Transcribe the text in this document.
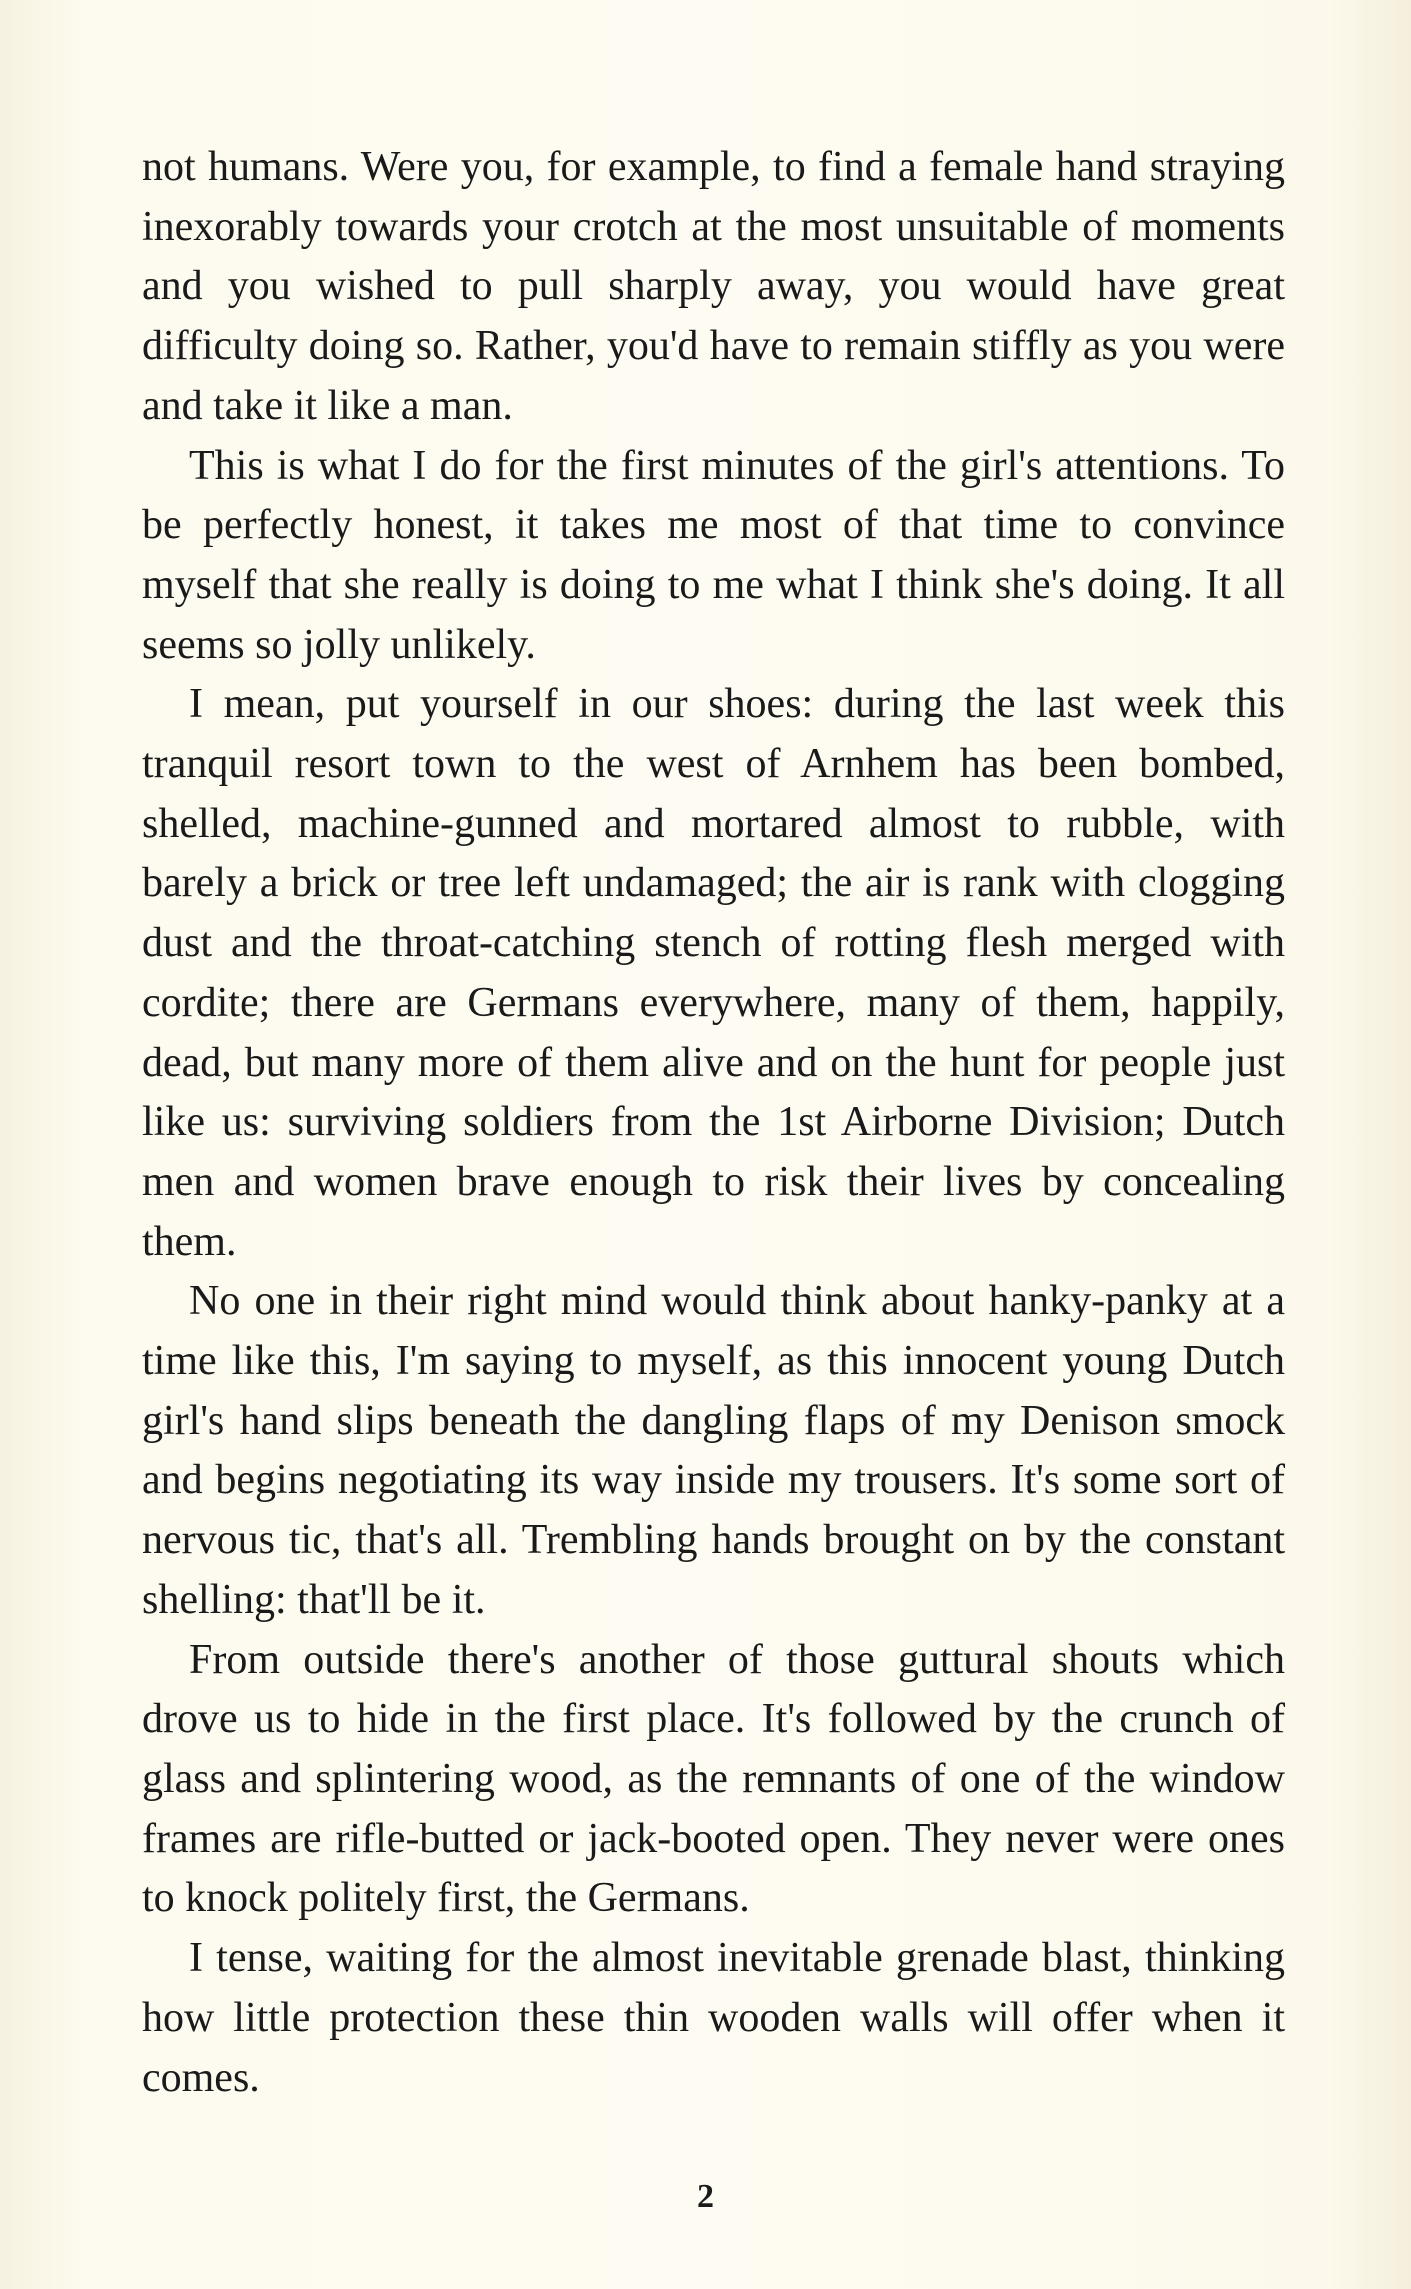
not humans. Were you, for example, to find a female hand straying inexorably towards your crotch at the most unsuitable of moments and you wished to pull sharply away, you would have great difficulty doing so. Rather, you'd have to remain stiffly as you were and take it like a man.

This is what I do for the first minutes of the girl's attentions. To be perfectly honest, it takes me most of that time to convince myself that she really is doing to me what I think she's doing. It all seems so jolly unlikely.

I mean, put yourself in our shoes: during the last week this tranquil resort town to the west of Arnhem has been bombed, shelled, machine-gunned and mortared almost to rubble, with barely a brick or tree left undamaged; the air is rank with clogging dust and the throat-catching stench of rotting flesh merged with cordite; there are Germans everywhere, many of them, happily, dead, but many more of them alive and on the hunt for people just like us: surviving soldiers from the 1st Airborne Division; Dutch men and women brave enough to risk their lives by concealing them.

No one in their right mind would think about hanky-panky at a time like this, I'm saying to myself, as this innocent young Dutch girl's hand slips beneath the dangling flaps of my Denison smock and begins negotiating its way inside my trousers. It's some sort of nervous tic, that's all. Trembling hands brought on by the constant shelling: that'll be it.

From outside there's another of those guttural shouts which drove us to hide in the first place. It's followed by the crunch of glass and splintering wood, as the remnants of one of the window frames are rifle-butted or jack-booted open. They never were ones to knock politely first, the Germans.

I tense, waiting for the almost inevitable grenade blast, thinking how little protection these thin wooden walls will offer when it comes.

2
